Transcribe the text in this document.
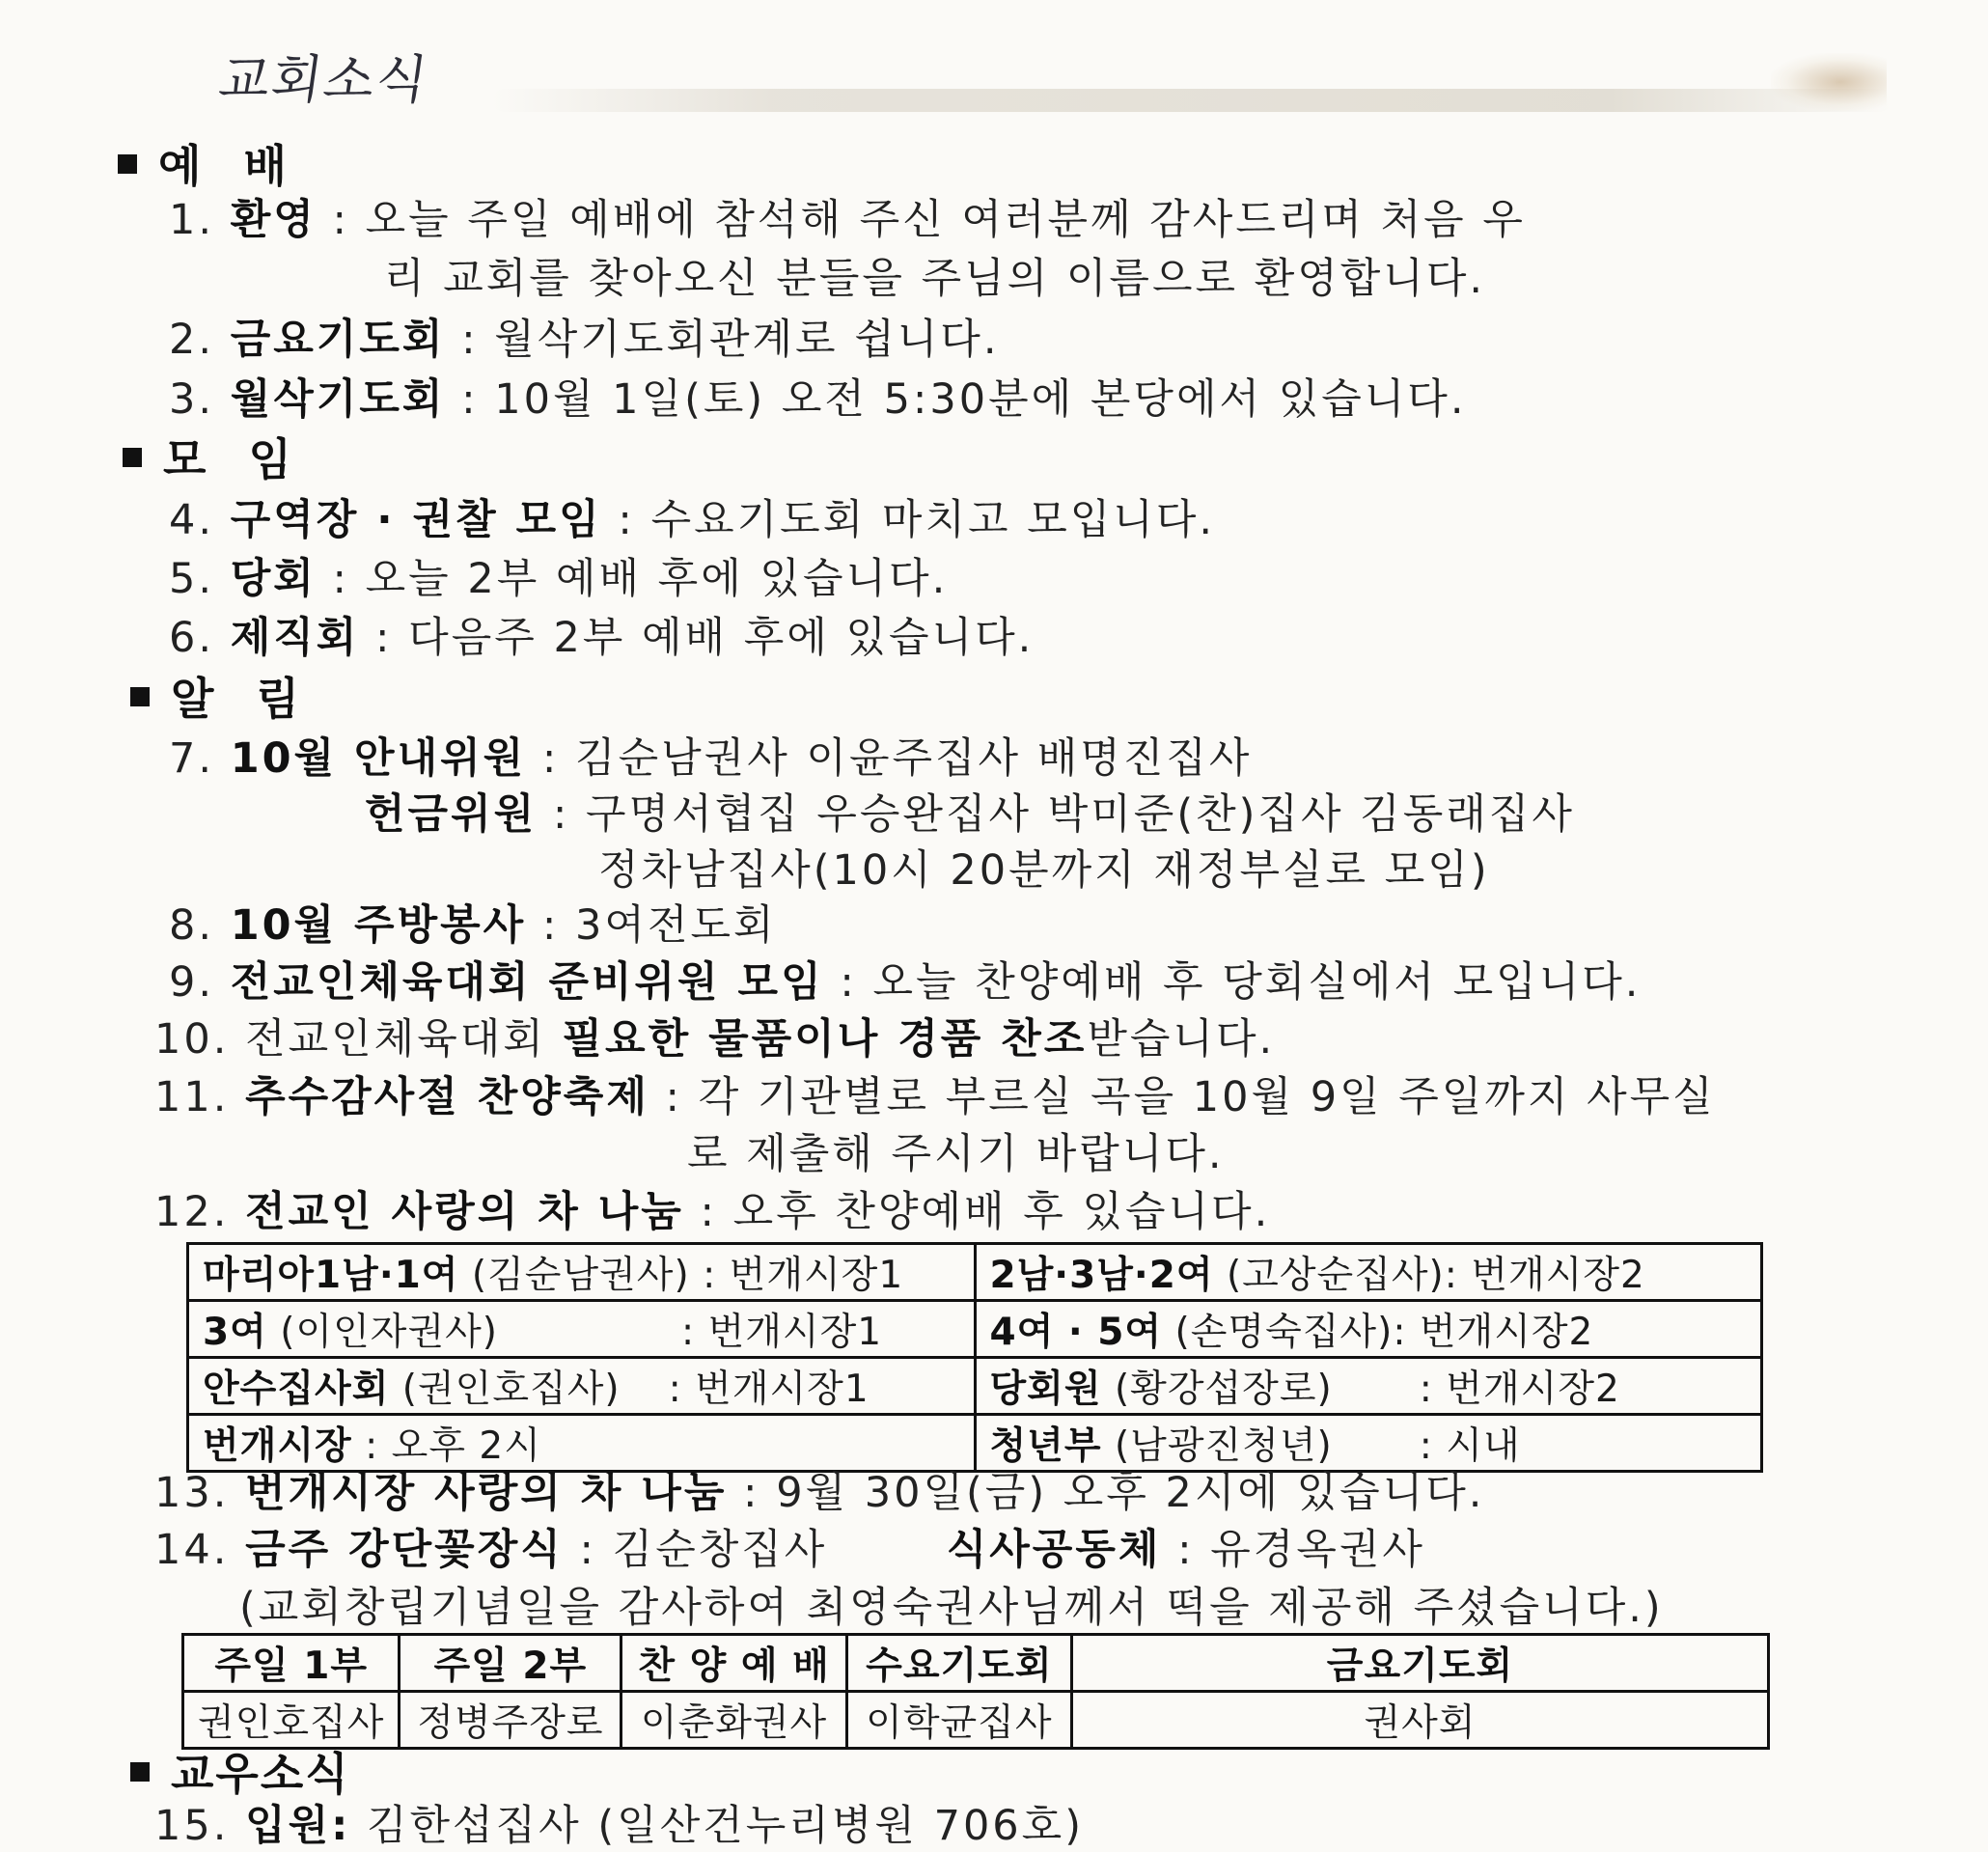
교회소식
예 배
1. 환영 : 오늘 주일 예배에 참석해 주신 여러분께 감사드리며 처음 우
리 교회를 찾아오신 분들을 주님의 이름으로 환영합니다.
2. 금요기도회 : 월삭기도회관계로 쉽니다.
3. 월삭기도회 : 10월 1일(토) 오전 5:30분에 본당에서 있습니다.
모 임
4. 구역장 · 권찰 모임 : 수요기도회 마치고 모입니다.
5. 당회 : 오늘 2부 예배 후에 있습니다.
6. 제직회 : 다음주 2부 예배 후에 있습니다.
알 림
7. 10월 안내위원 : 김순남권사 이윤주집사 배명진집사
헌금위원 : 구명서협집 우승완집사 박미준(찬)집사 김동래집사
정차남집사(10시 20분까지 재정부실로 모임)
8. 10월 주방봉사 : 3여전도회
9. 전교인체육대회 준비위원 모임 : 오늘 찬양예배 후 당회실에서 모입니다.
10. 전교인체육대회 필요한 물품이나 경품 찬조받습니다.
11. 추수감사절 찬양축제 : 각 기관별로 부르실 곡을 10월 9일 주일까지 사무실
로 제출해 주시기 바랍니다.
12. 전교인 사랑의 차 나눔 : 오후 찬양예배 후 있습니다.
마리아1남·1여 (김순남권사) : 번개시장1	2남·3남·2여 (고상순집사): 번개시장2
3여 (이인자권사) : 번개시장1	4여 · 5여 (손명숙집사): 번개시장2
안수집사회 (권인호집사) : 번개시장1	당회원 (황강섭장로) : 번개시장2
번개시장 : 오후 2시	청년부 (남광진청년) : 시내
13. 번개시장 사랑의 차 나눔 : 9월 30일(금) 오후 2시에 있습니다.
14. 금주 강단꽃장식 : 김순창집사	식사공동체 : 유경옥권사
(교회창립기념일을 감사하여 최영숙권사님께서 떡을 제공해 주셨습니다.)
주일 1부	주일 2부	찬 양 예 배	수요기도회	금요기도회
권인호집사	정병주장로	이춘화권사	이학균집사	권사회
교우소식
15. 입원: 김한섭집사 (일산건누리병원 706호)
